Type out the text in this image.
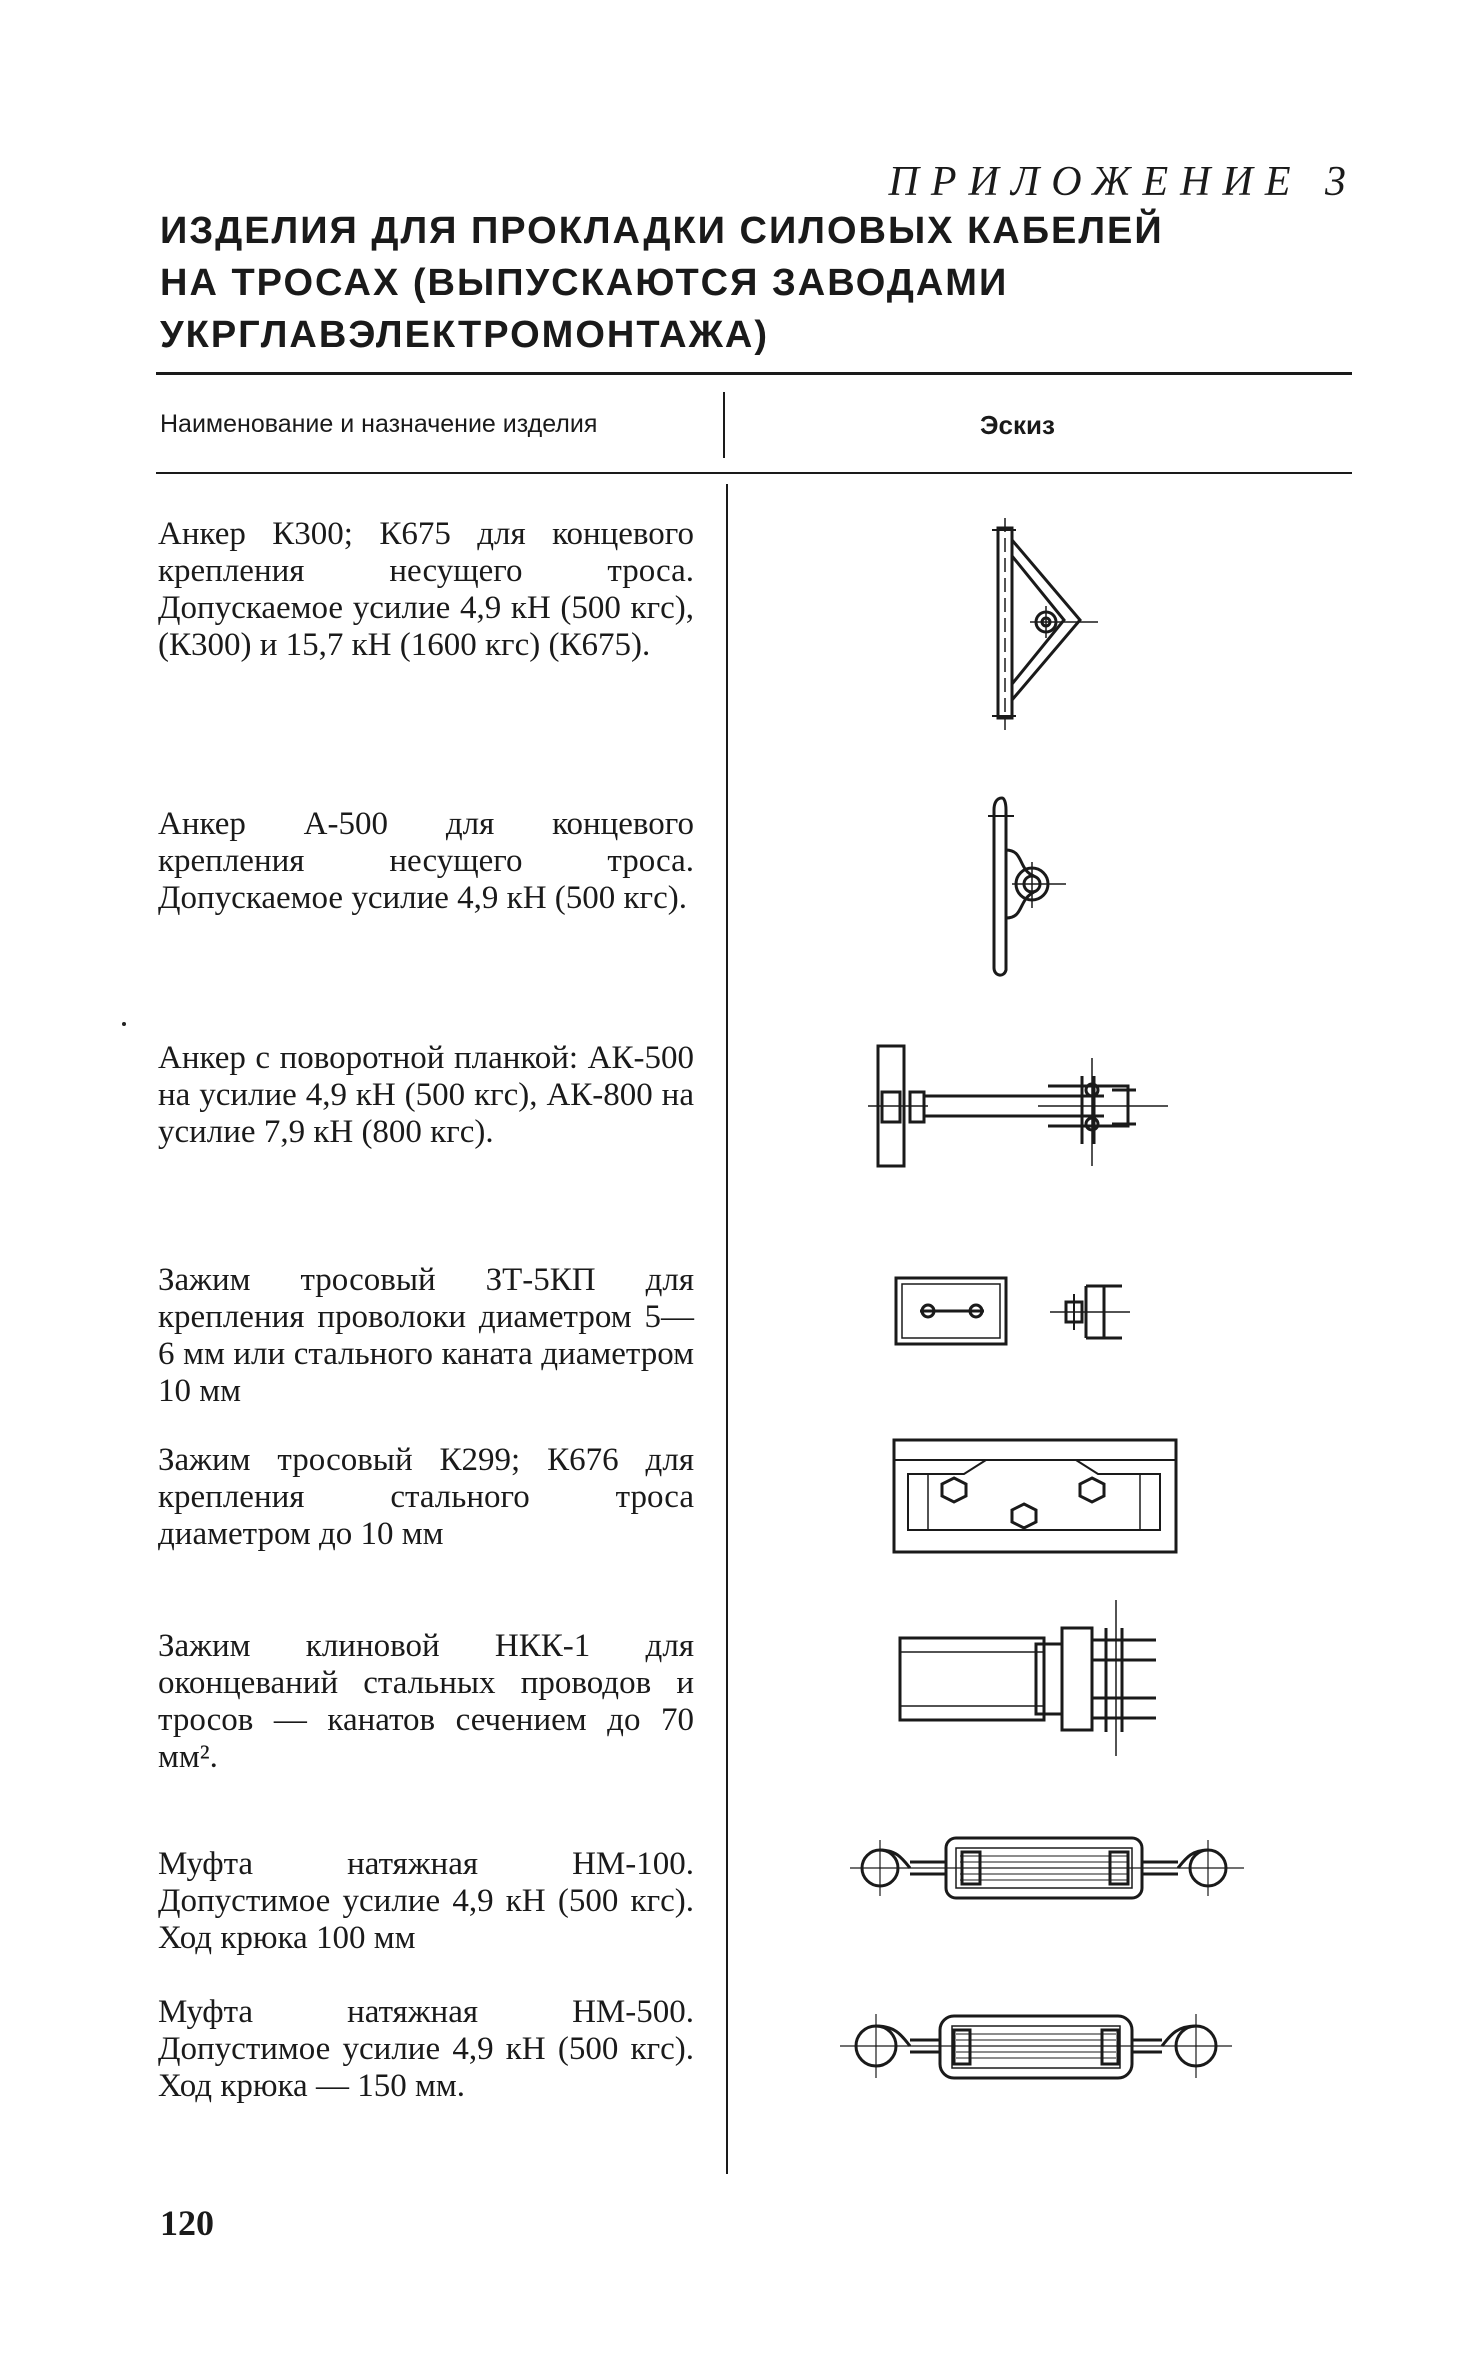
ПРИЛОЖЕНИЕ 3
ИЗДЕЛИЯ ДЛЯ ПРОКЛАДКИ СИЛОВЫХ КАБЕЛЕЙ
НА ТРОСАХ (ВЫПУСКАЮТСЯ ЗАВОДАМИ
УКРГЛАВЭЛЕКТРОМОНТАЖА)
Наименование и назначение изделия	Эскиз
Анкер К300; К675 для концевого крепления несущего троса. Допускаемое усилие 4,9 кН (500 кгс), (К300) и 15,7 кН (1600 кгс) (К675).
Анкер А-500 для концевого крепления несущего троса. Допускаемое усилие 4,9 кН (500 кгс).
Анкер с поворотной планкой: АК-500 на усилие 4,9 кН (500 кгс), АК-800 на усилие 7,9 кН (800 кгс).
Зажим тросовый ЗТ-5КП для крепления проволоки диаметром 5—6 мм или стального каната диаметром 10 мм
Зажим тросовый К299; К676 для крепления стального троса диаметром до 10 мм
Зажим клиновой НКК-1 для оконцеваний стальных проводов и тросов — канатов сечением до 70 мм².
Муфта натяжная НМ-100. Допустимое усилие 4,9 кН (500 кгс). Ход крюка 100 мм
Муфта натяжная НМ-500. Допустимое усилие 4,9 кН (500 кгс). Ход крюка — 150 мм.
120
